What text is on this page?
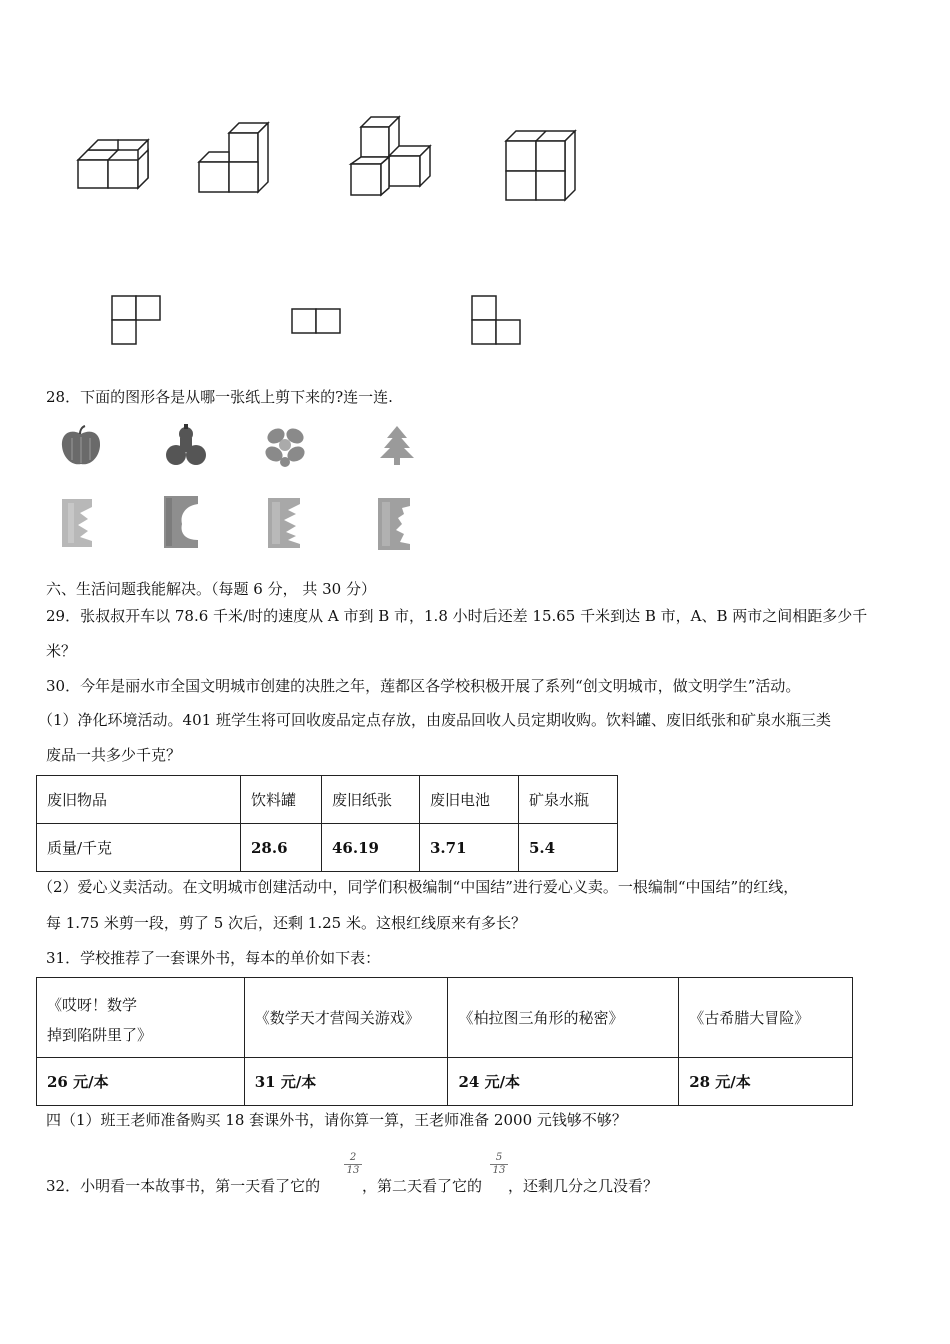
28．下面的图形各是从哪一张纸上剪下来的?连一连.
六、生活问题我能解决。（每题 6 分， 共 30 分）
29．张叔叔开车以 78.6 千米/时的速度从 A 市到 B 市，1.8 小时后还差 15.65 千米到达 B 市，A、B 两市之间相距多少千
米？
30．今年是丽水市全国文明城市创建的决胜之年，莲都区各学校积极开展了系列“创文明城市，做文明学生”活动。
（1）净化环境活动。401 班学生将可回收废品定点存放，由废品回收人员定期收购。饮料罐、废旧纸张和矿泉水瓶三类
废品一共多少千克？
废旧物品	饮料罐	废旧纸张	废旧电池	矿泉水瓶
质量/千克	28.6	46.19	3.71	5.4
（2）爱心义卖活动。在文明城市创建活动中，同学们积极编制“中国结”进行爱心义卖。一根编制“中国结”的红线，
每 1.75 米剪一段，剪了 5 次后，还剩 1.25 米。这根红线原来有多长？
31．学校推荐了一套课外书，每本的单价如下表：
《哎呀！数学
掉到陷阱里了》	《数学天才营闯关游戏》	《柏拉图三角形的秘密》	《古希腊大冒险》
26 元/本	31 元/本	24 元/本	28 元/本
四（1）班王老师准备购买 18 套课外书，请你算一算，王老师准备 2000 元钱够不够？
32．小明看一本故事书，第一天看了它的
$\frac{2}{13}$
，第二天看了它的
$\frac{5}{13}$
，还剩几分之几没看？
